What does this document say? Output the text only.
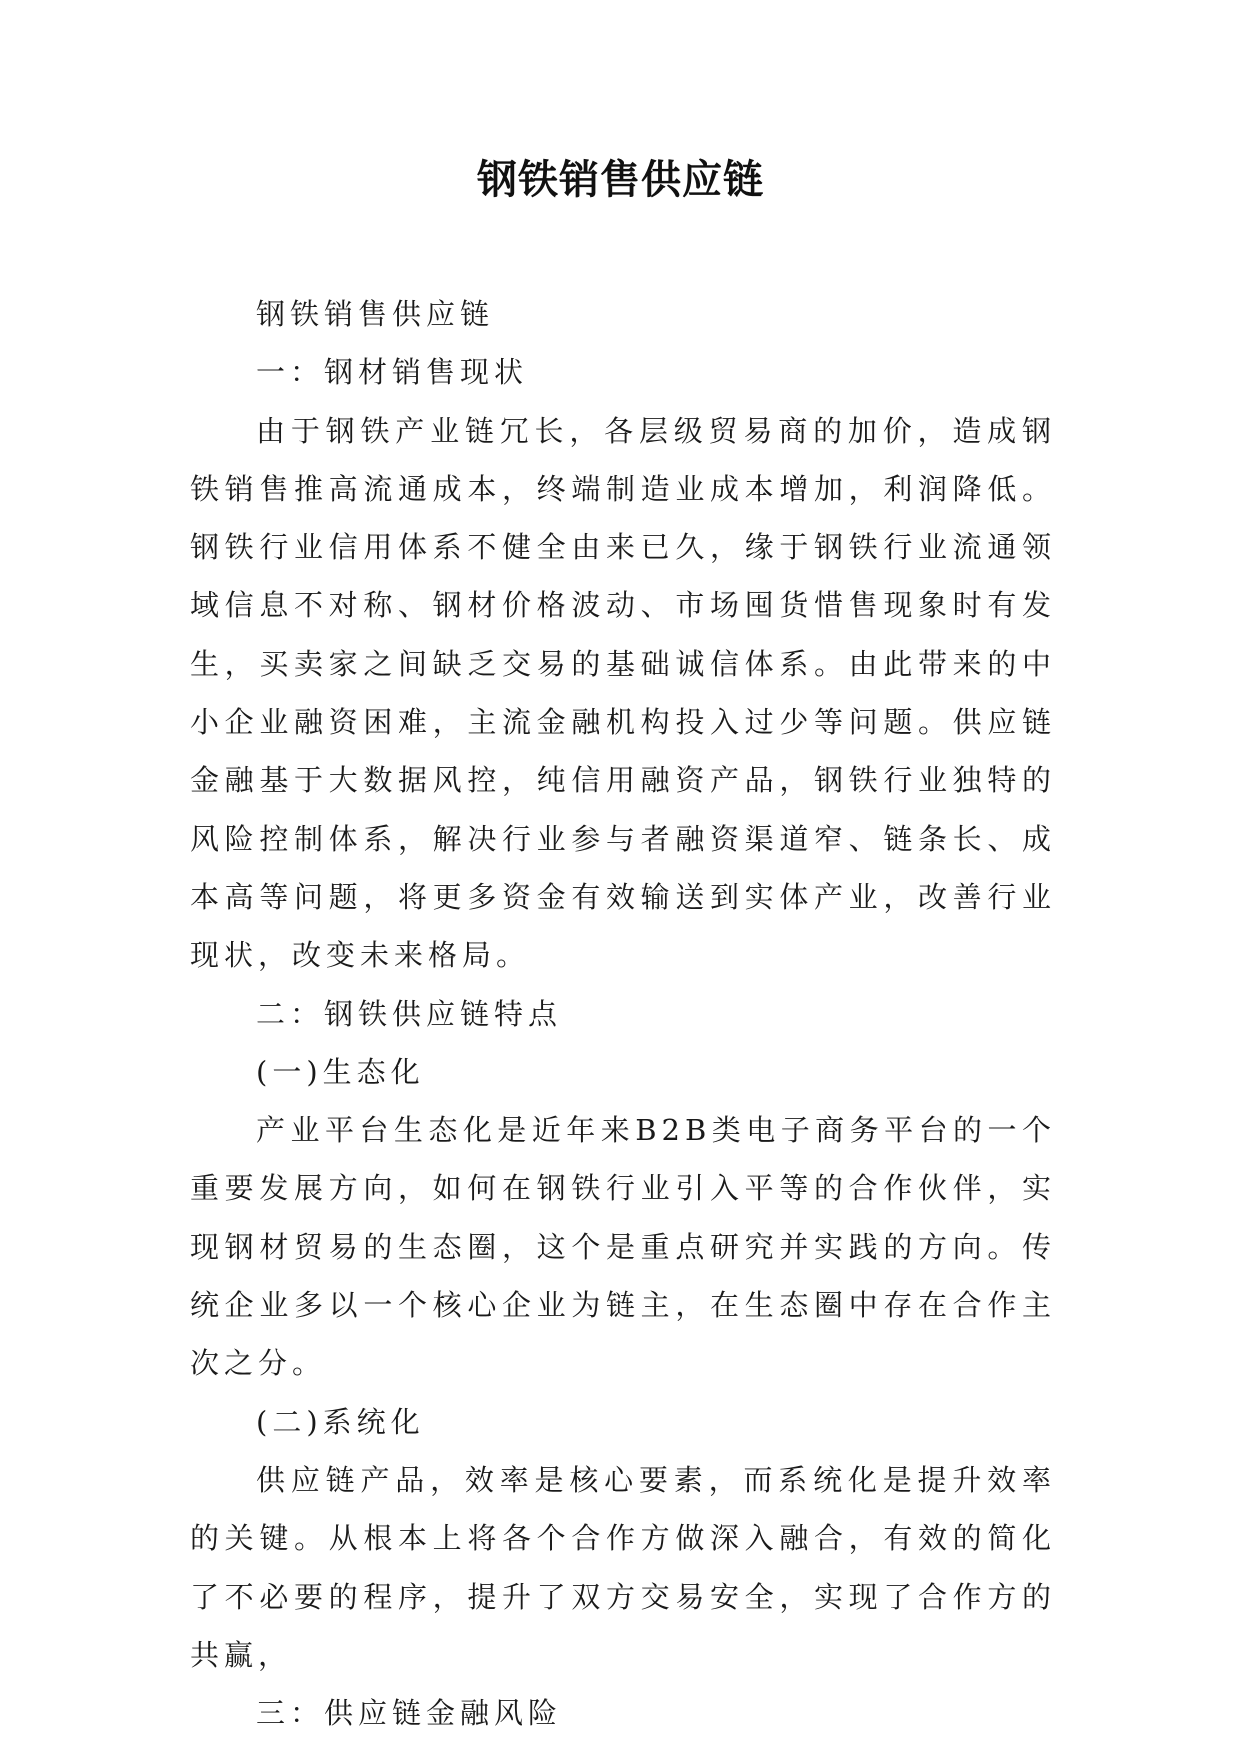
钢铁销售供应链

钢铁销售供应链

一：钢材销售现状

由于钢铁产业链冗长，各层级贸易商的加价，造成钢铁销售推高流通成本，终端制造业成本增加，利润降低。钢铁行业信用体系不健全由来已久，缘于钢铁行业流通领域信息不对称、钢材价格波动、市场囤货惜售现象时有发生，买卖家之间缺乏交易的基础诚信体系。由此带来的中小企业融资困难，主流金融机构投入过少等问题。供应链金融基于大数据风控，纯信用融资产品，钢铁行业独特的风险控制体系，解决行业参与者融资渠道窄、链条长、成本高等问题，将更多资金有效输送到实体产业，改善行业现状，改变未来格局。

二：钢铁供应链特点

(一)生态化

产业平台生态化是近年来B2B类电子商务平台的一个重要发展方向，如何在钢铁行业引入平等的合作伙伴，实现钢材贸易的生态圈，这个是重点研究并实践的方向。传统企业多以一个核心企业为链主，在生态圈中存在合作主次之分。

(二)系统化

供应链产品，效率是核心要素，而系统化是提升效率的关键。从根本上将各个合作方做深入融合，有效的简化了不必要的程序，提升了双方交易安全，实现了合作方的共赢，

三：供应链金融风险
